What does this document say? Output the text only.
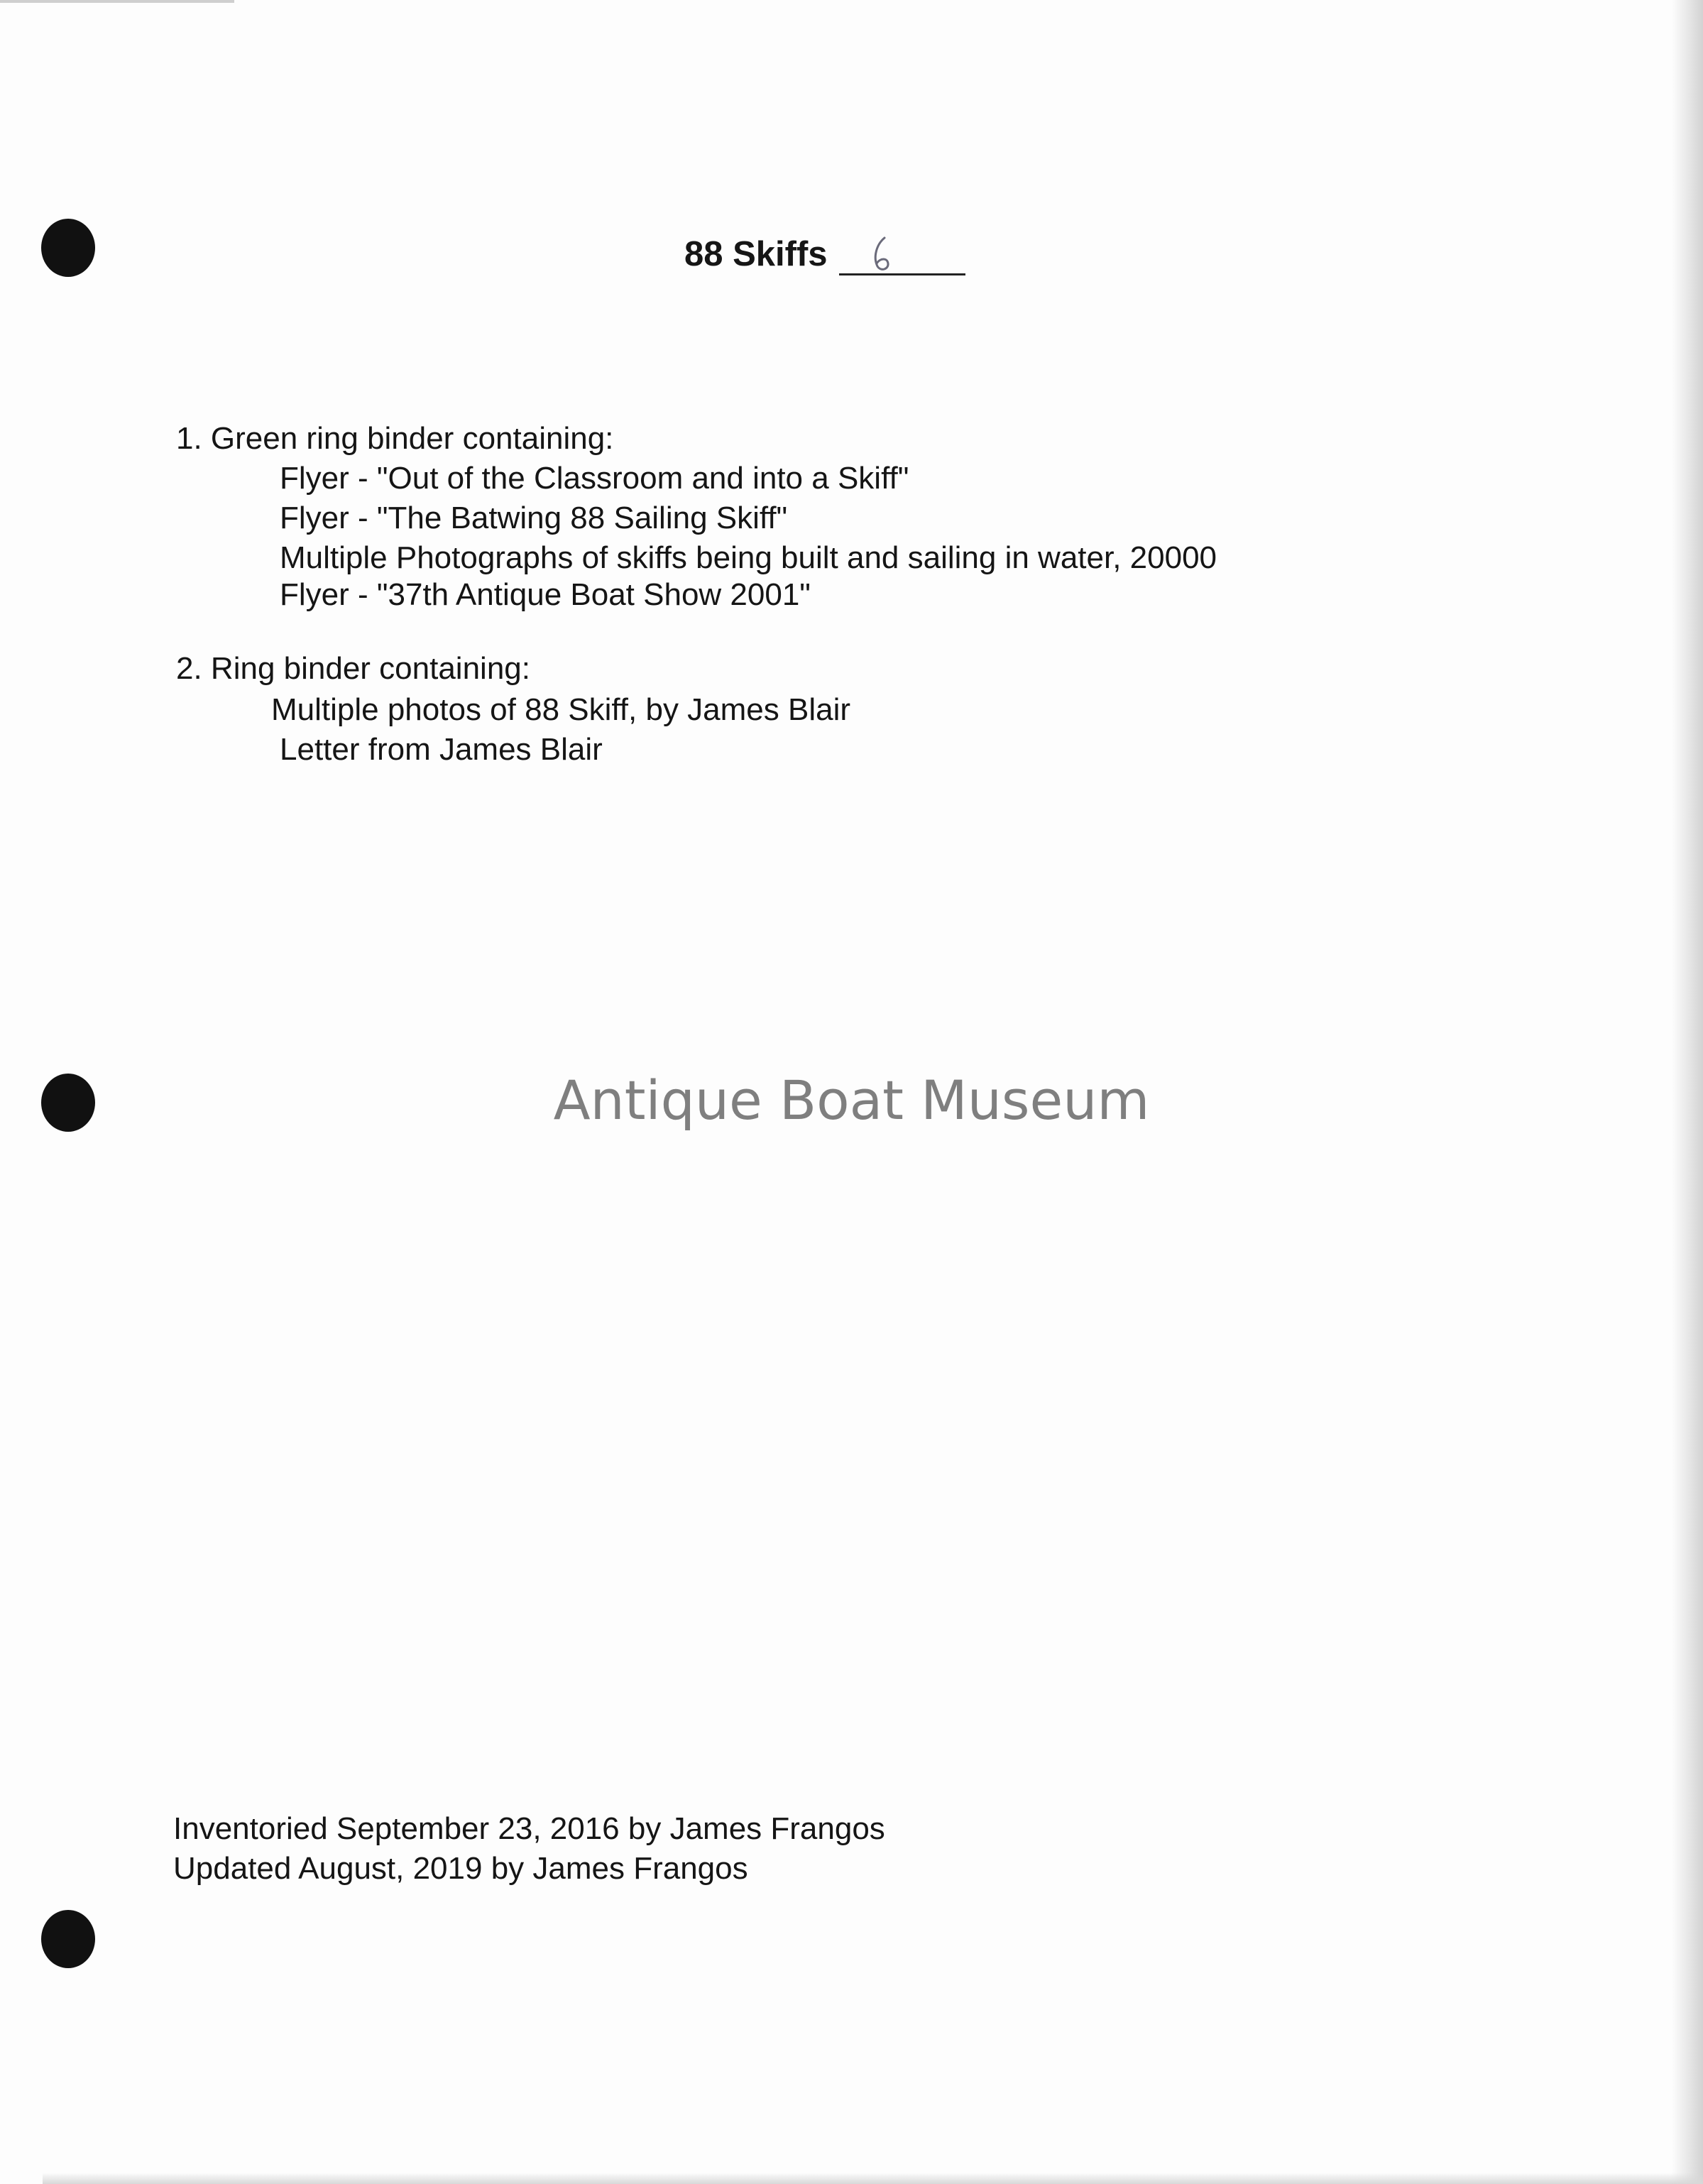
88 Skiffs
1. Green ring binder containing:
Flyer - "Out of the Classroom and into a Skiff"
Flyer - "The Batwing 88 Sailing Skiff"
Multiple Photographs of skiffs being built and sailing in water, 20000
Flyer - "37th Antique Boat Show 2001"
2. Ring binder containing:
Multiple photos of 88 Skiff, by James Blair
Letter from James Blair
Antique Boat Museum
Inventoried September 23, 2016 by James Frangos
Updated August, 2019 by James Frangos
